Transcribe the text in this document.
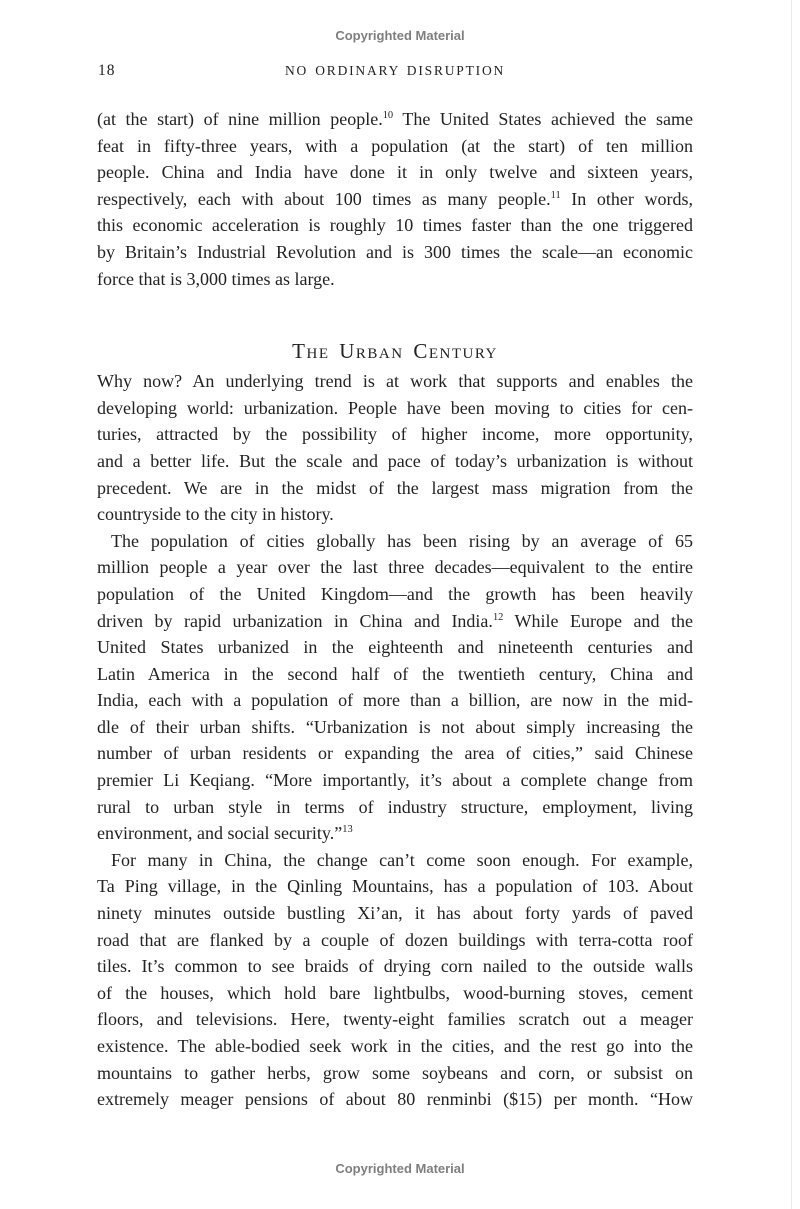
Copyrighted Material
18	NO ORDINARY DISRUPTION
(at the start) of nine million people.$^{10}$ The United States achieved the same
feat in fifty-three years, with a population (at the start) of ten million
people. China and India have done it in only twelve and sixteen years,
respectively, each with about 100 times as many people.$^{11}$ In other words,
this economic acceleration is roughly 10 times faster than the one triggered
by Britain’s Industrial Revolution and is 300 times the scale—an economic
force that is 3,000 times as large.
The Urban Century
Why now? An underlying trend is at work that supports and enables the
developing world: urbanization. People have been moving to cities for cen-
turies, attracted by the possibility of higher income, more opportunity,
and a better life. But the scale and pace of today’s urbanization is without
precedent. We are in the midst of the largest mass migration from the
countryside to the city in history.
The population of cities globally has been rising by an average of 65
million people a year over the last three decades—equivalent to the entire
population of the United Kingdom—and the growth has been heavily
driven by rapid urbanization in China and India.$^{12}$ While Europe and the
United States urbanized in the eighteenth and nineteenth centuries and
Latin America in the second half of the twentieth century, China and
India, each with a population of more than a billion, are now in the mid-
dle of their urban shifts. “Urbanization is not about simply increasing the
number of urban residents or expanding the area of cities,” said Chinese
premier Li Keqiang. “More importantly, it’s about a complete change from
rural to urban style in terms of industry structure, employment, living
environment, and social security.”$^{13}$
For many in China, the change can’t come soon enough. For example,
Ta Ping village, in the Qinling Mountains, has a population of 103. About
ninety minutes outside bustling Xi’an, it has about forty yards of paved
road that are flanked by a couple of dozen buildings with terra-cotta roof
tiles. It’s common to see braids of drying corn nailed to the outside walls
of the houses, which hold bare lightbulbs, wood-burning stoves, cement
floors, and televisions. Here, twenty-eight families scratch out a meager
existence. The able-bodied seek work in the cities, and the rest go into the
mountains to gather herbs, grow some soybeans and corn, or subsist on
extremely meager pensions of about 80 renminbi ($15) per month. “How
Copyrighted Material
